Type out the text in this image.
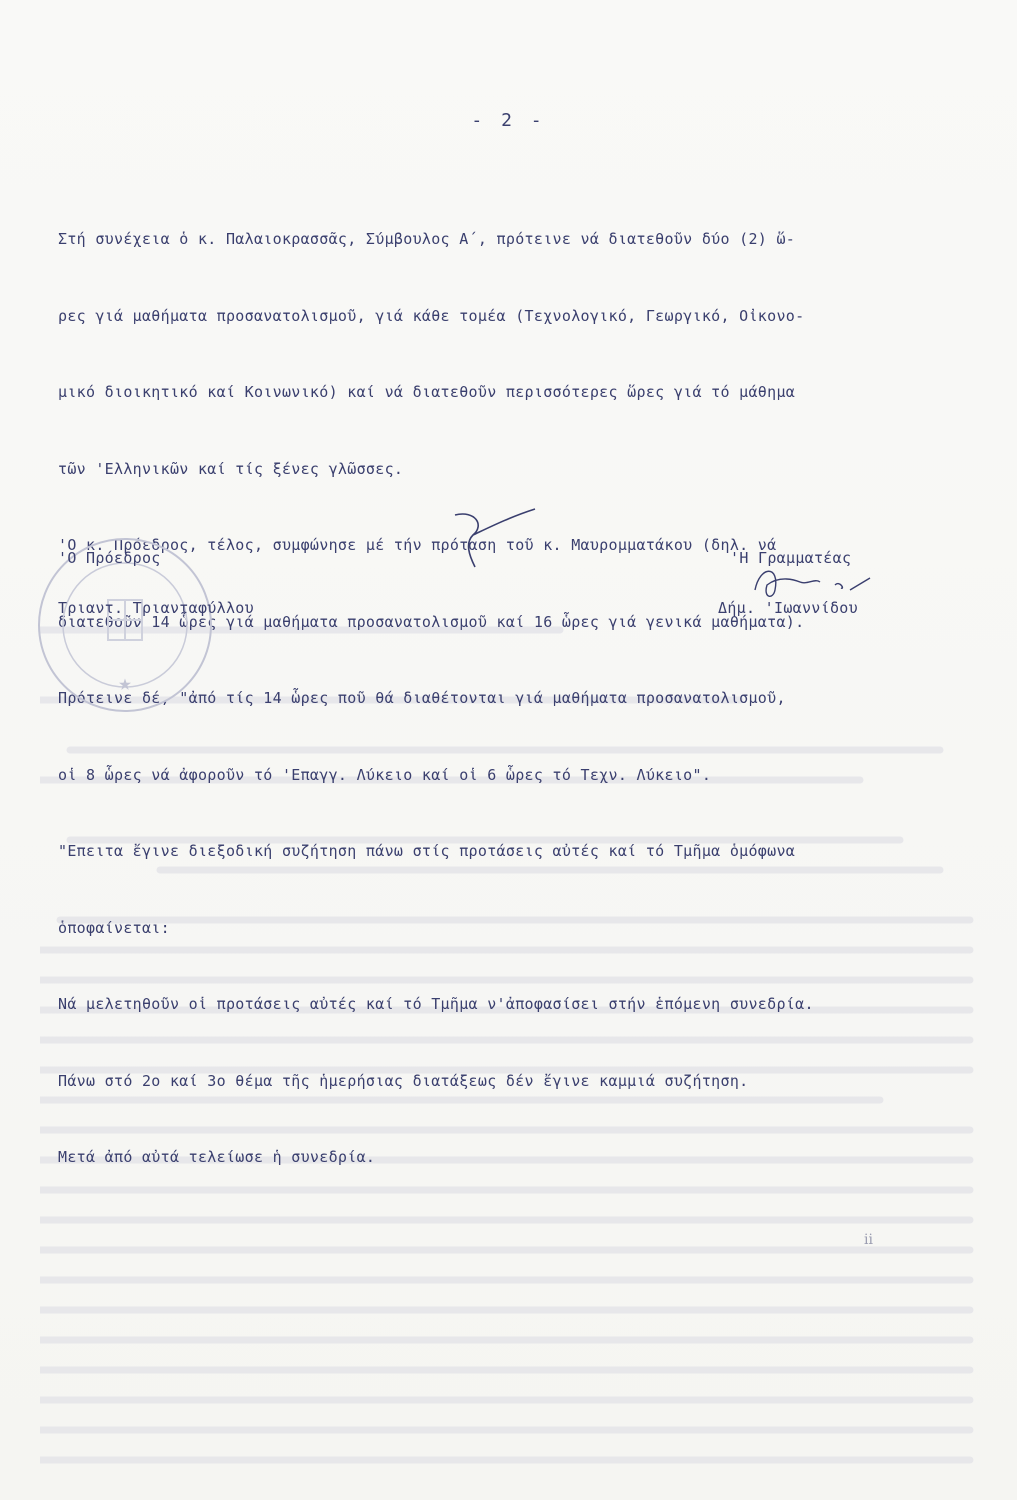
- 2 -

Στή συνέχεια ὁ κ. Παλαιοκρασσᾶς, Σύμβουλος Α΄, πρότεινε νά διατεθοῦν δύο (2) ὥ-

ρες γιά μαθήματα προσανατολισμοῦ, γιά κάθε τομέα (Τεχνολογικό, Γεωργικό, Οἰκονο-

μικό διοικητικό καί Κοινωνικό) καί νά διατεθοῦν περισσότερες ὥρες γιά τό μάθημα

τῶν 'Ελληνικῶν καί τίς ξένες γλῶσσες.

'Ο κ. Πρόεδρος, τέλος, συμφώνησε μέ τήν πρόταση τοῦ κ. Μαυρομματάκου (δηλ. νά

διατεθοῦν 14 ὧρες γιά μαθήματα προσανατολισμοῦ καί 16 ὧρες γιά γενικά μαθήματα).

Πρότεινε δέ, "ἀπό τίς 14 ὧρες ποῦ θά διαθέτονται γιά μαθήματα προσανατολισμοῦ,

οἱ 8 ὧρες νά ἀφοροῦν τό 'Επαγγ. Λύκειο καί οἱ 6 ὧρες τό Τεχν. Λύκειο".

"Επειτα ἔγινε διεξοδική συζήτηση πάνω στίς προτάσεις αὐτές καί τό Τμῆμα ὁμόφωνα

ὁποφαίνεται:

Νά μελετηθοῦν οἱ προτάσεις αὐτές καί τό Τμῆμα ν'ἀποφασίσει στήν ἑπόμενη συνεδρία.

Πάνω στό 2ο καί 3ο θέμα τῆς ἡμερήσιας διατάξεως δέν ἔγινε καμμιά συζήτηση.

Μετά ἀπό αὐτά τελείωσε ἡ συνεδρία.

★
'Ο Πρόεδρος
Τριαντ. Τριανταφύλλου
'Η Γραμματέας
Δήμ. 'Ιωαννίδου
ii
